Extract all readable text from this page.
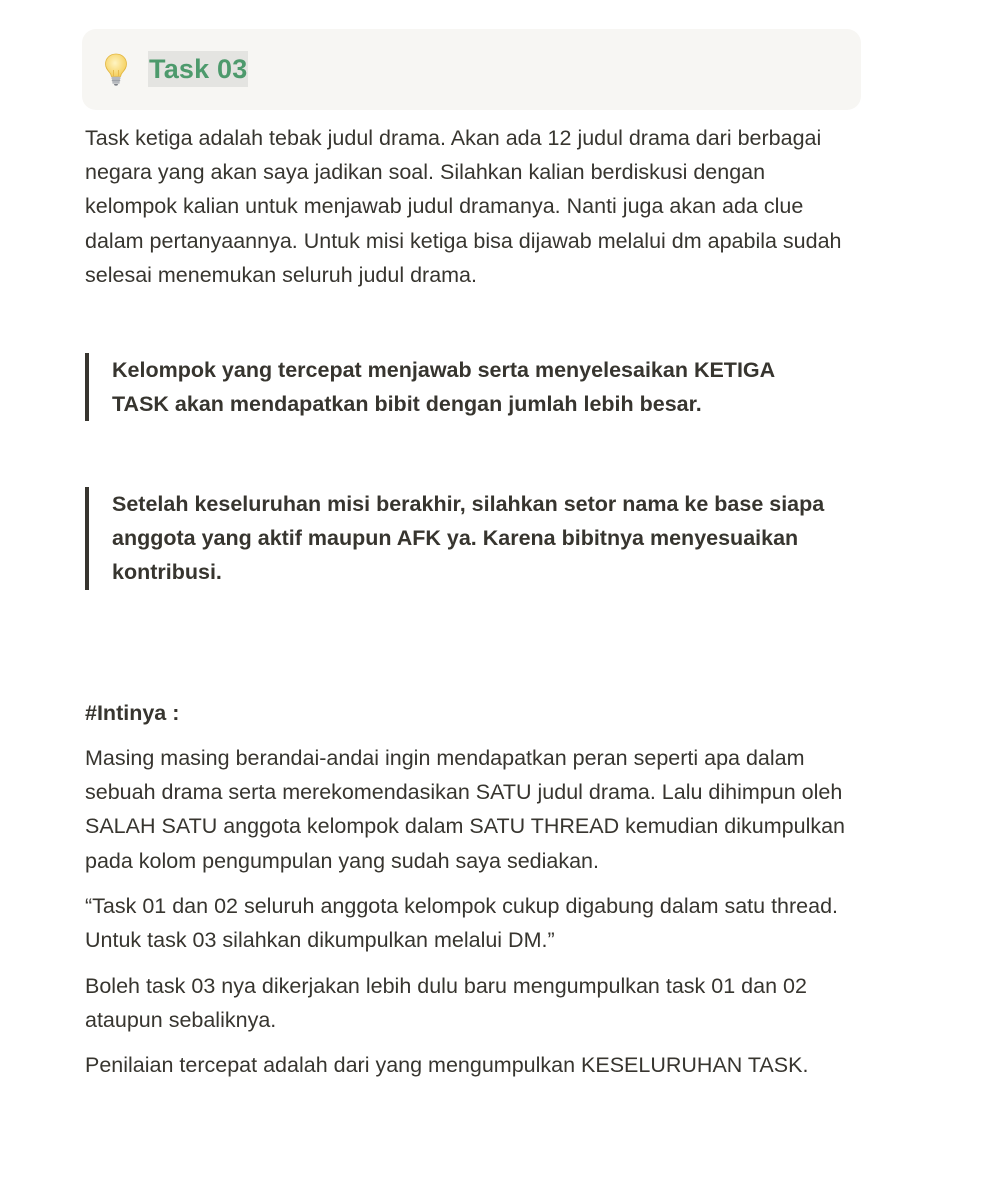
Task 03

Task ketiga adalah tebak judul drama. Akan ada 12 judul drama dari berbagai negara yang akan saya jadikan soal. Silahkan kalian berdiskusi dengan kelompok kalian untuk menjawab judul dramanya. Nanti juga akan ada clue dalam pertanyaannya. Untuk misi ketiga bisa dijawab melalui dm apabila sudah selesai menemukan seluruh judul drama.

Kelompok yang tercepat menjawab serta menyelesaikan KETIGA TASK akan mendapatkan bibit dengan jumlah lebih besar.
Setelah keseluruhan misi berakhir, silahkan setor nama ke base siapa anggota yang aktif maupun AFK ya. Karena bibitnya menyesuaikan kontribusi.
#Intinya :

Masing masing berandai-andai ingin mendapatkan peran seperti apa dalam sebuah drama serta merekomendasikan SATU judul drama. Lalu dihimpun oleh SALAH SATU anggota kelompok dalam SATU THREAD kemudian dikumpulkan pada kolom pengumpulan yang sudah saya sediakan.

“Task 01 dan 02 seluruh anggota kelompok cukup digabung dalam satu thread. Untuk task 03 silahkan dikumpulkan melalui DM.”

Boleh task 03 nya dikerjakan lebih dulu baru mengumpulkan task 01 dan 02 ataupun sebaliknya.

Penilaian tercepat adalah dari yang mengumpulkan KESELURUHAN TASK.
